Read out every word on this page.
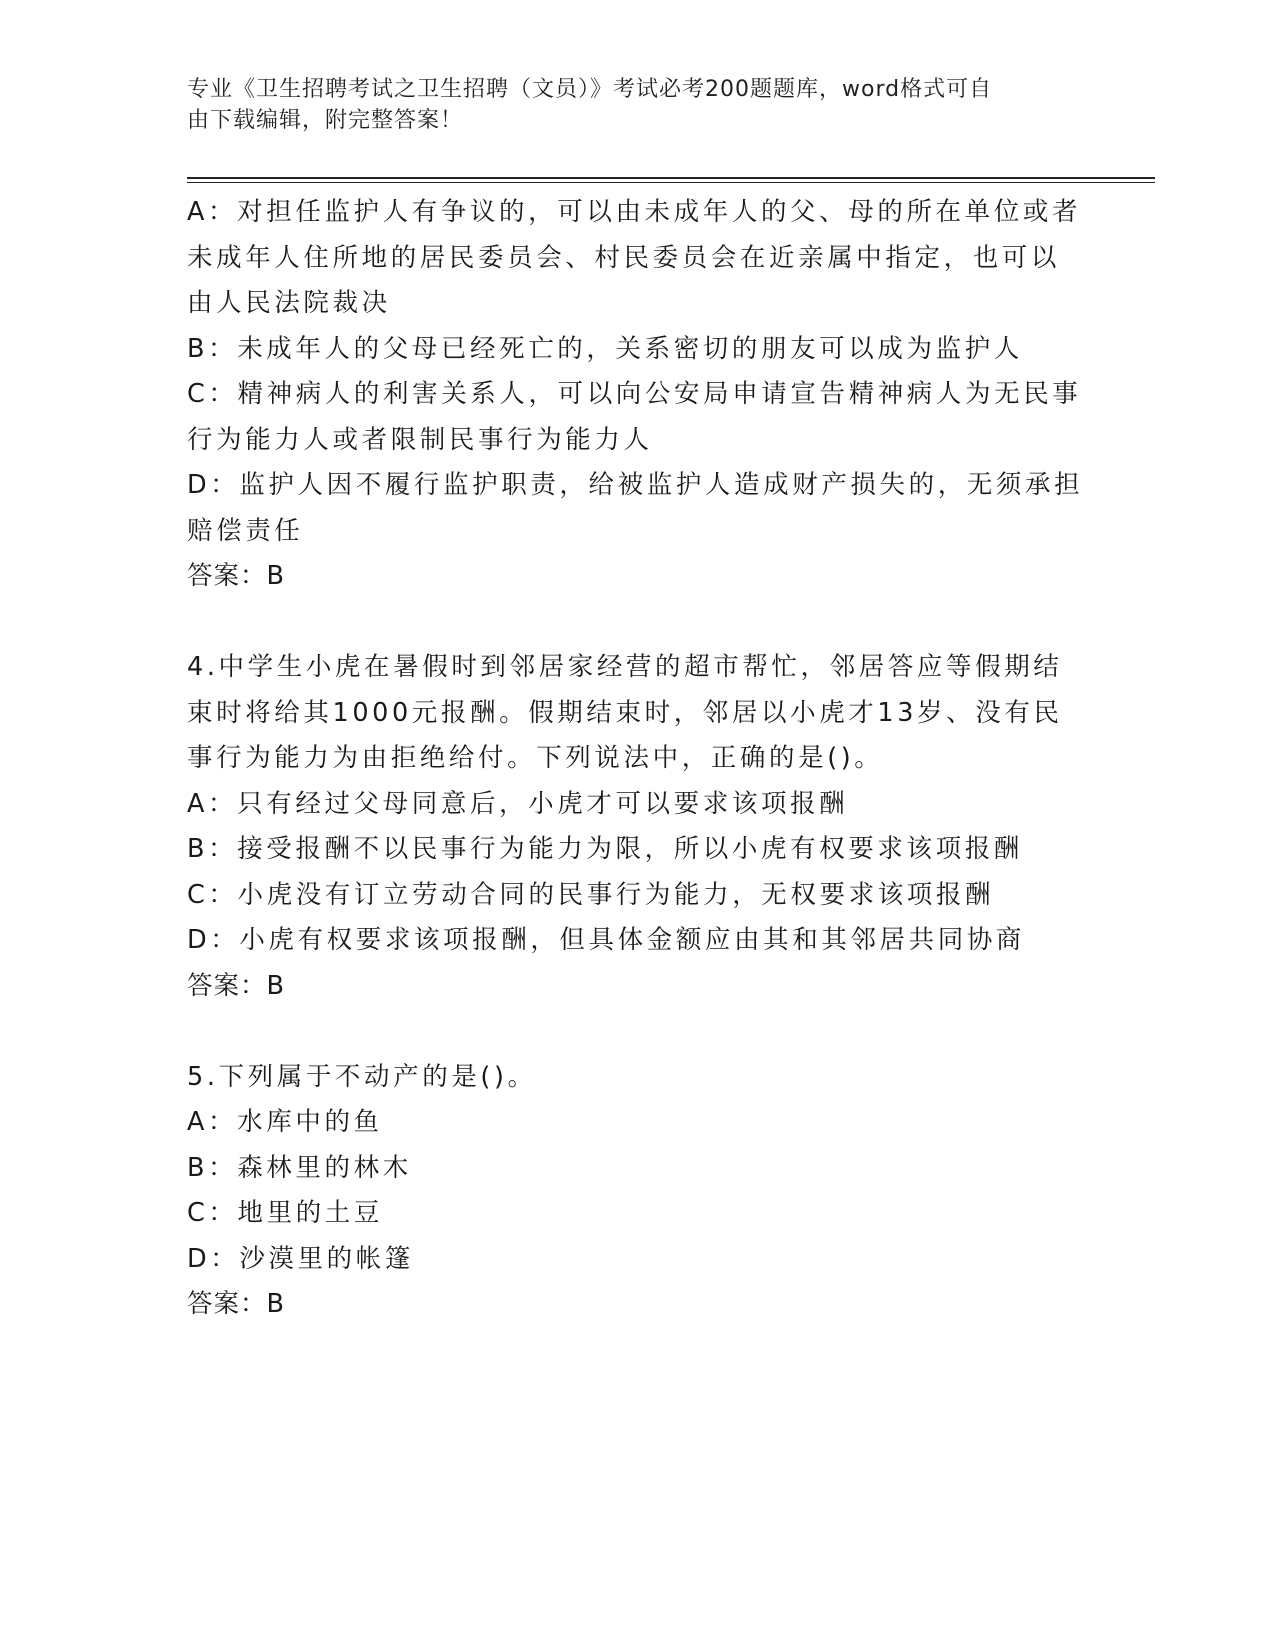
专业《卫生招聘考试之卫生招聘（文员）》考试必考200题题库，word格式可自
由下载编辑，附完整答案！

A：对担任监护人有争议的，可以由未成年人的父、母的所在单位或者

未成年人住所地的居民委员会、村民委员会在近亲属中指定，也可以

由人民法院裁决

B：未成年人的父母已经死亡的，关系密切的朋友可以成为监护人

C：精神病人的利害关系人，可以向公安局申请宣告精神病人为无民事

行为能力人或者限制民事行为能力人

D：监护人因不履行监护职责，给被监护人造成财产损失的，无须承担

赔偿责任

答案：B

4.中学生小虎在暑假时到邻居家经营的超市帮忙，邻居答应等假期结

束时将给其1000元报酬。假期结束时，邻居以小虎才13岁、没有民

事行为能力为由拒绝给付。下列说法中，正确的是()。

A：只有经过父母同意后，小虎才可以要求该项报酬

B：接受报酬不以民事行为能力为限，所以小虎有权要求该项报酬

C：小虎没有订立劳动合同的民事行为能力，无权要求该项报酬

D：小虎有权要求该项报酬，但具体金额应由其和其邻居共同协商

答案：B

5.下列属于不动产的是()。

A：水库中的鱼

B：森林里的林木

C：地里的土豆

D：沙漠里的帐篷

答案：B
